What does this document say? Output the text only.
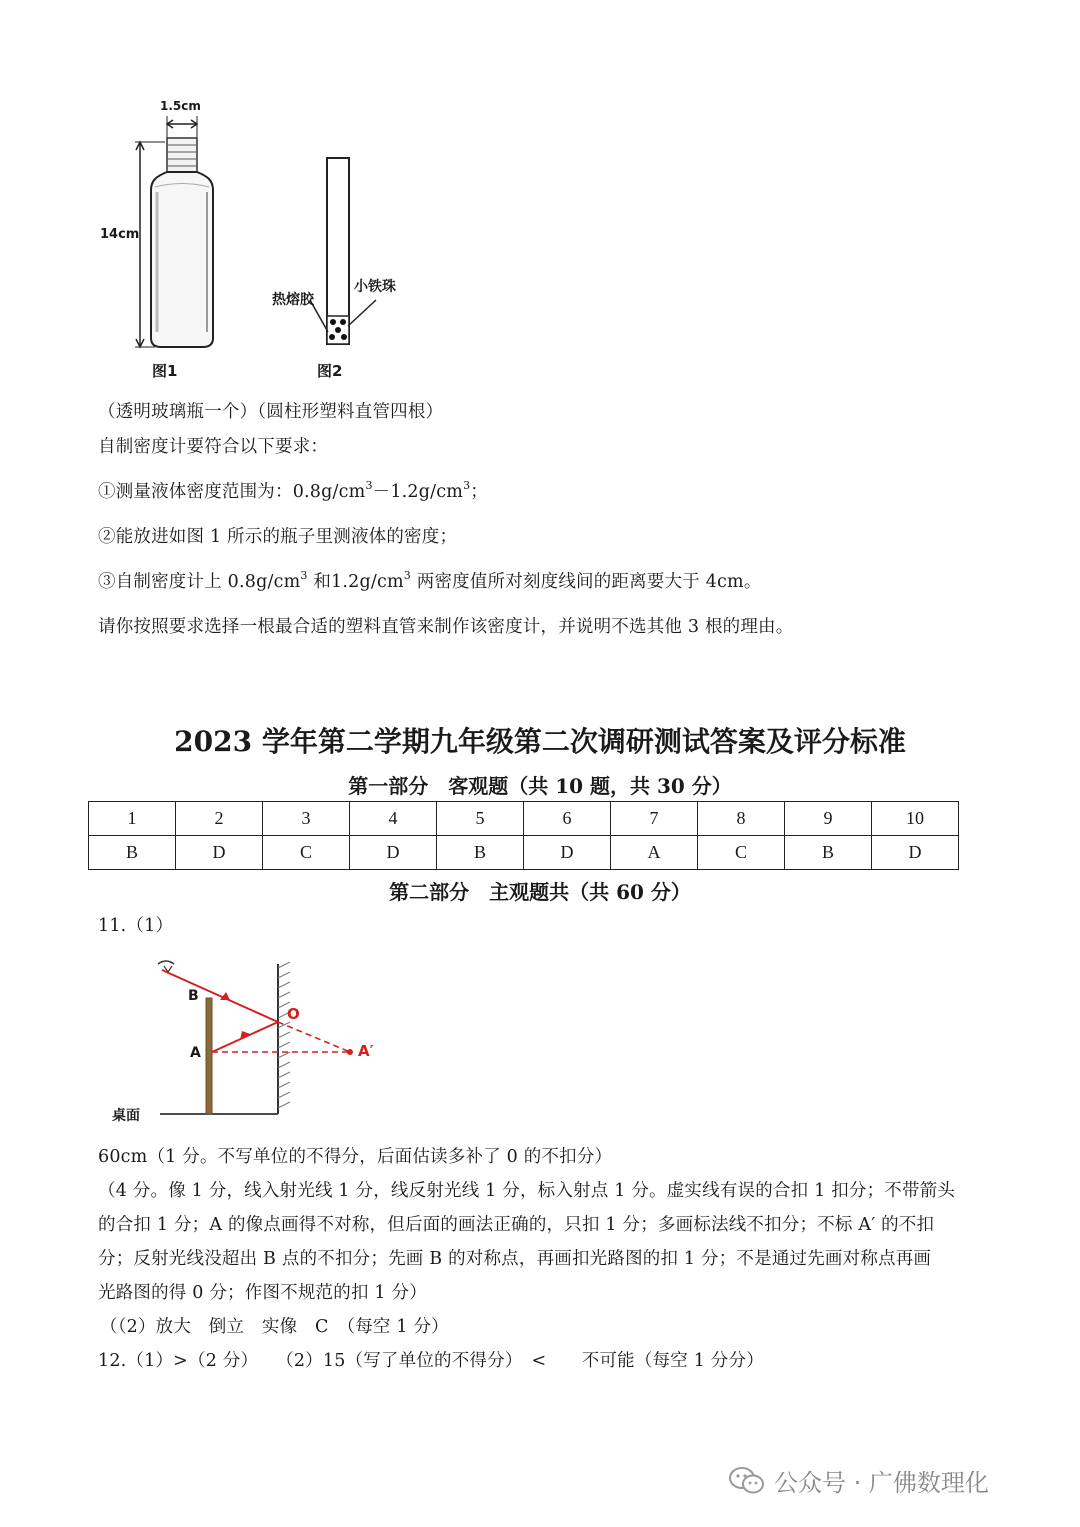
1.5cm
14cm
图1
热熔胶
小铁珠
图2
（透明玻璃瓶一个）（圆柱形塑料直管四根）
自制密度计要符合以下要求：
①测量液体密度范围为：$0.8g/cm^3-1.2g/cm^3$；
②能放进如图 1 所示的瓶子里测液体的密度；
③自制密度计上 $0.8g/cm^3$ 和$1.2g/cm^3$ 两密度值所对刻度线间的距离要大于 4cm。
请你按照要求选择一根最合适的塑料直管来制作该密度计，并说明不选其他 3 根的理由。
2023 学年第二学期九年级第二次调研测试答案及评分标准
第一部分　客观题（共 10 题，共 30 分）
1	2	3	4	5	6	7	8	9	10
B	D	C	D	B	D	A	C	B	D
第二部分　主观题共（共 60 分）
11.（1）
B
A
O
A′
桌面
60cm（1 分。不写单位的不得分，后面估读多补了 0 的不扣分）
（4 分。像 1 分，线入射光线 1 分，线反射光线 1 分，标入射点 1 分。虚实线有误的合扣 1 扣分；不带箭头
的合扣 1 分；A 的像点画得不对称，但后面的画法正确的，只扣 1 分；多画标法线不扣分；不标 A′ 的不扣
分；反射光线没超出 B 点的不扣分；先画 B 的对称点，再画扣光路图的扣 1 分；不是通过先画对称点再画
光路图的得 0 分；作图不规范的扣 1 分）
（（2）放大　倒立　实像　C　（每空 1 分）
12.（1）>（2 分）　　（2）15（写了单位的不得分）　<　　不可能（每空 1 分分）
公众号 · 广佛数理化
